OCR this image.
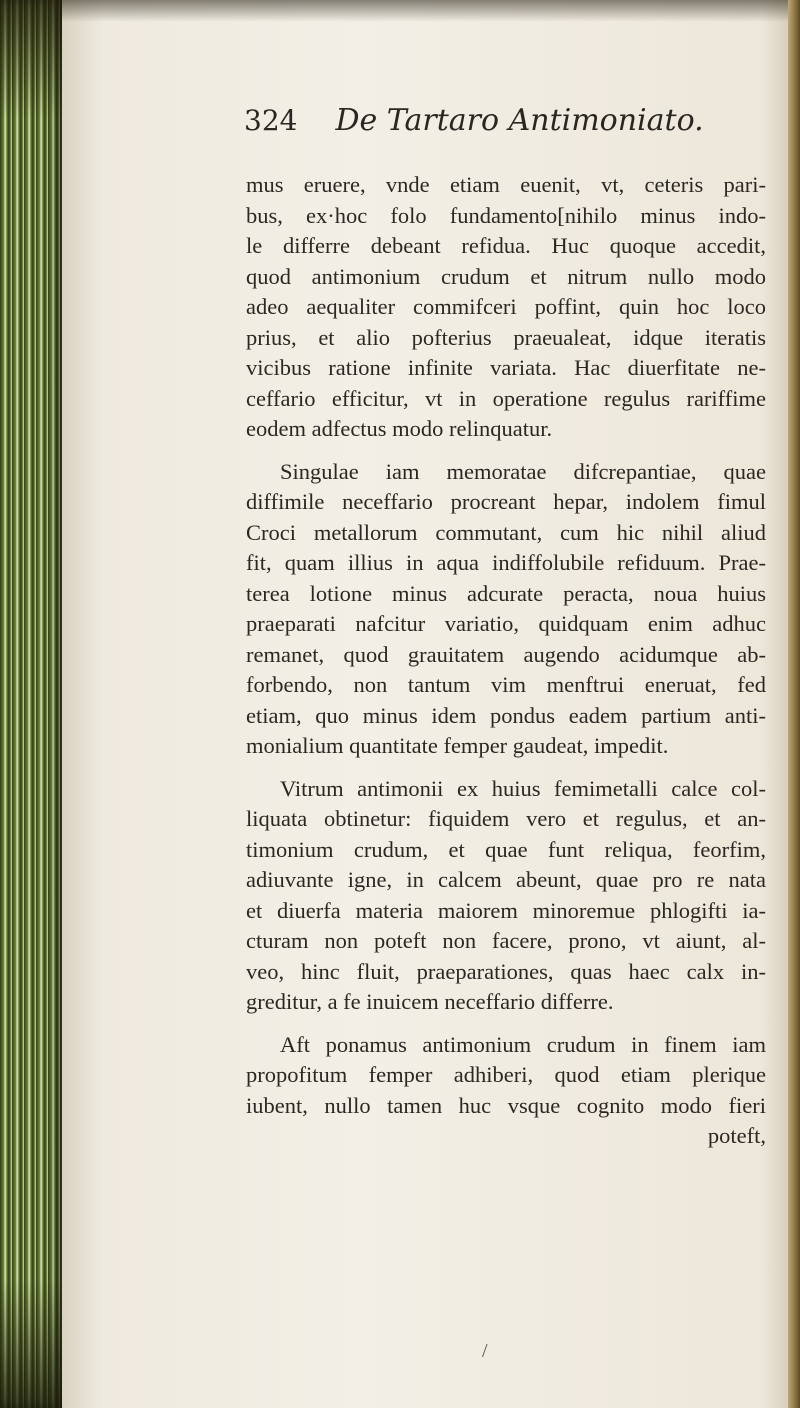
324 De Tartaro Antimoniato.
mus eruere, vnde etiam euenit, vt, ceteris pari-
bus, ex·hoc folo fundamento[nihilo minus indo-
le differre debeant refidua. Huc quoque accedit,
quod antimonium crudum et nitrum nullo modo
adeo aequaliter commifceri poffint, quin hoc loco
prius, et alio pofterius praeualeat, idque iteratis
vicibus ratione infinite variata. Hac diuerfitate ne-
ceffario efficitur, vt in operatione regulus rariffime
eodem adfectus modo relinquatur.
Singulae iam memoratae difcrepantiae, quae
diffimile neceffario procreant hepar, indolem fimul
Croci metallorum commutant, cum hic nihil aliud
fit, quam illius in aqua indiffolubile refiduum. Prae-
terea lotione minus adcurate peracta, noua huius
praeparati nafcitur variatio, quidquam enim adhuc
remanet, quod grauitatem augendo acidumque ab-
forbendo, non tantum vim menftrui eneruat, fed
etiam, quo minus idem pondus eadem partium anti-
monialium quantitate femper gaudeat, impedit.
Vitrum antimonii ex huius femimetalli calce col-
liquata obtinetur: fiquidem vero et regulus, et an-
timonium crudum, et quae funt reliqua, feorfim,
adiuvante igne, in calcem abeunt, quae pro re nata
et diuerfa materia maiorem minoremue phlogifti ia-
cturam non poteft non facere, prono, vt aiunt, al-
veo, hinc fluit, praeparationes, quas haec calx in-
greditur, a fe inuicem neceffario differre.
Aft ponamus antimonium crudum in finem iam
propofitum femper adhiberi, quod etiam plerique
iubent, nullo tamen huc vsque cognito modo fieri
poteft,
/
